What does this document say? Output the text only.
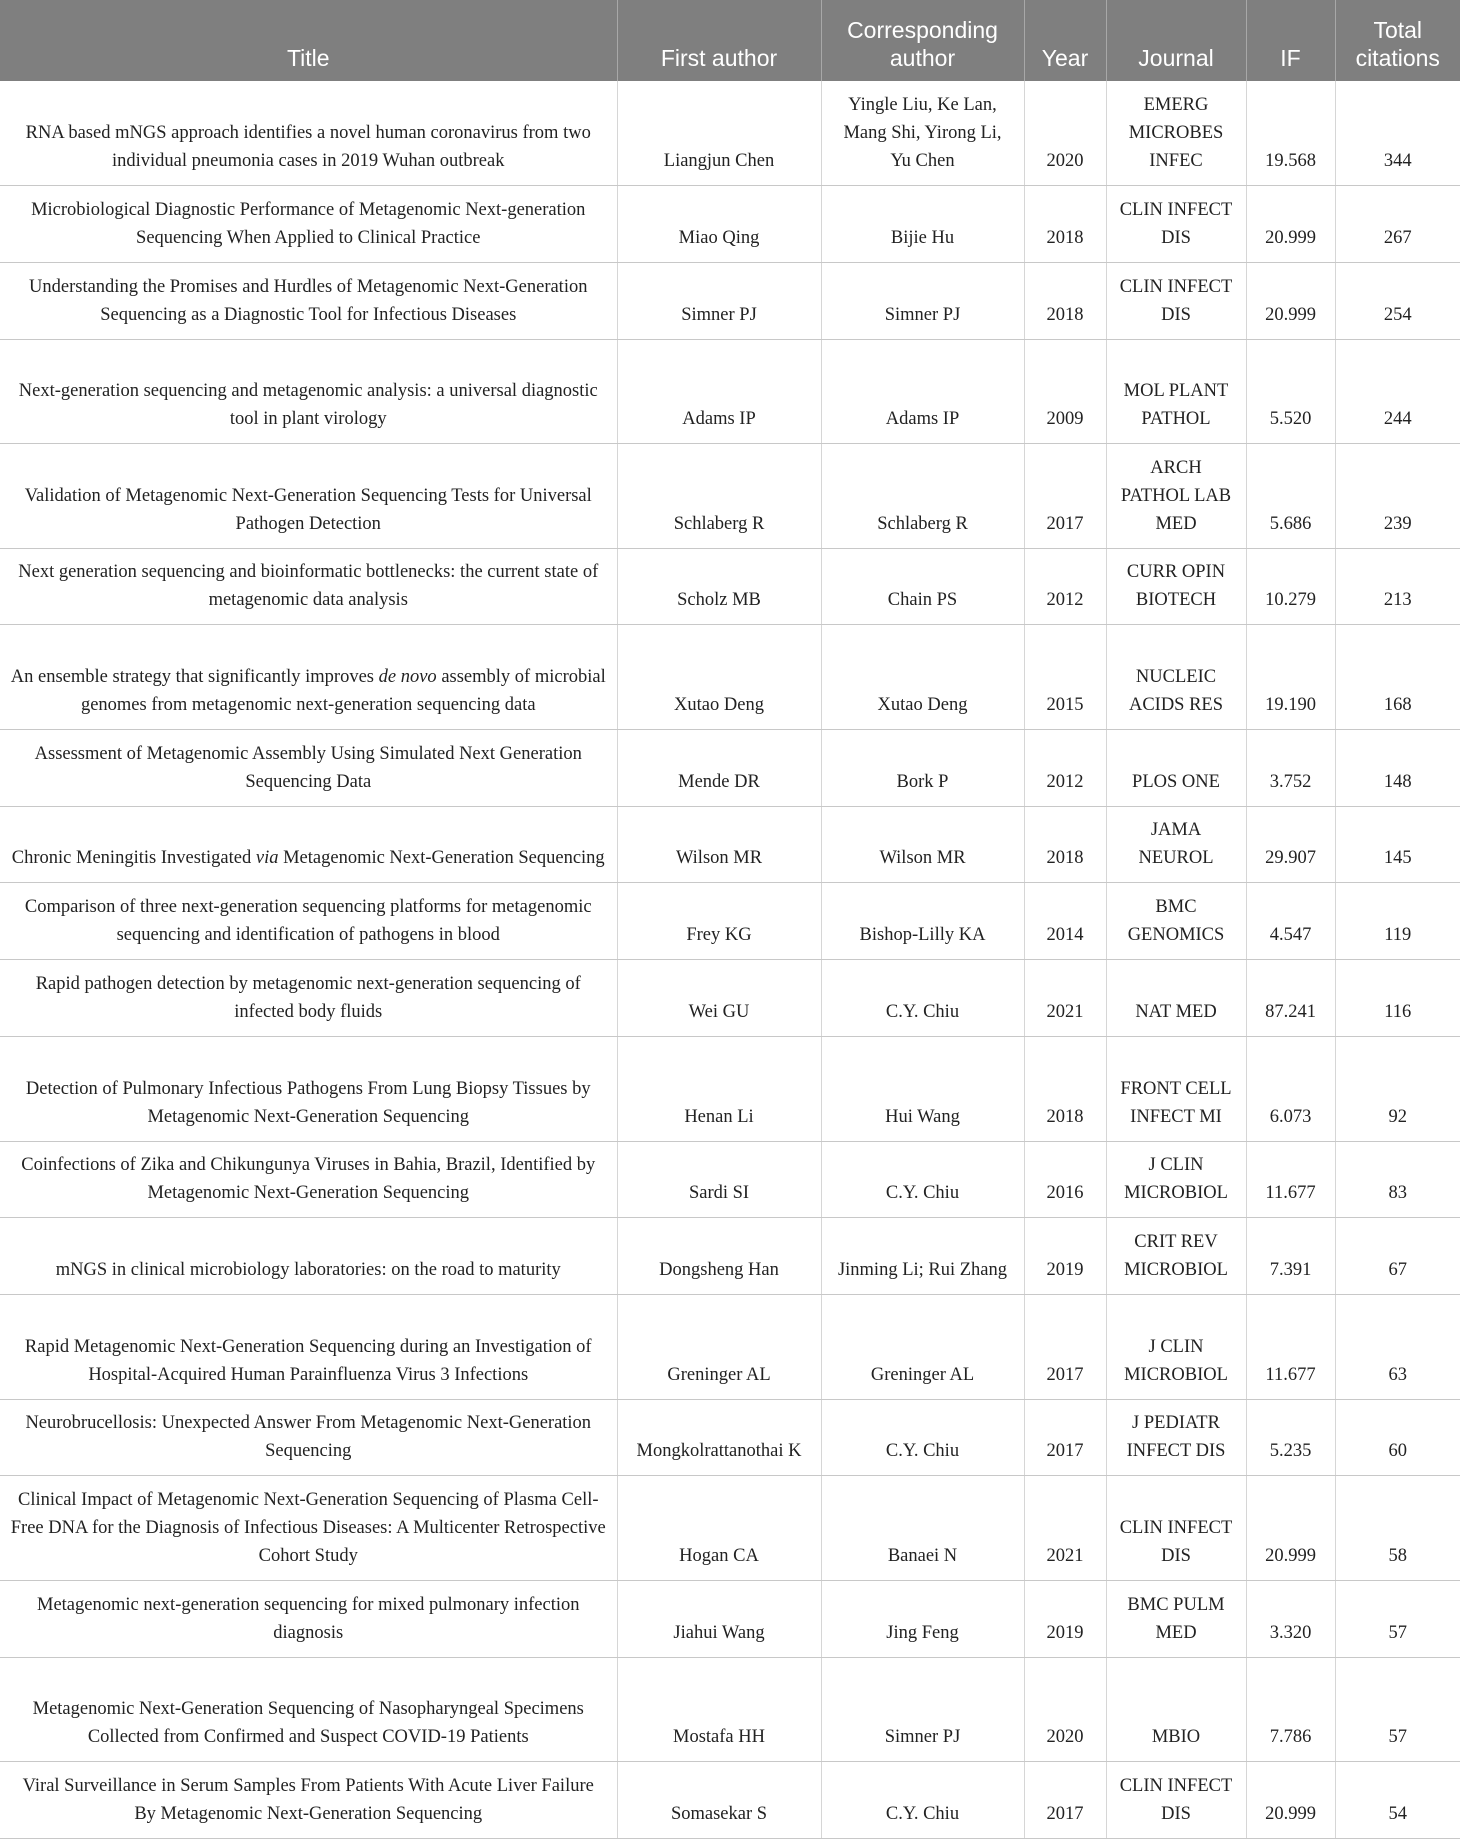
Title	First author	Corresponding author	Year	Journal	IF	Total citations
RNA based mNGS approach identifies a novel human coronavirus from two individual pneumonia cases in 2019 Wuhan outbreak	Liangjun Chen	Yingle Liu, Ke Lan, Mang Shi, Yirong Li, Yu Chen	2020	EMERG MICROBES INFEC	19.568	344
Microbiological Diagnostic Performance of Metagenomic Next-generation Sequencing When Applied to Clinical Practice	Miao Qing	Bijie Hu	2018	CLIN INFECT DIS	20.999	267
Understanding the Promises and Hurdles of Metagenomic Next-Generation Sequencing as a Diagnostic Tool for Infectious Diseases	Simner PJ	Simner PJ	2018	CLIN INFECT DIS	20.999	254
Next-generation sequencing and metagenomic analysis: a universal diagnostic tool in plant virology	Adams IP	Adams IP	2009	MOL PLANT PATHOL	5.520	244
Validation of Metagenomic Next-Generation Sequencing Tests for Universal Pathogen Detection	Schlaberg R	Schlaberg R	2017	ARCH PATHOL LAB MED	5.686	239
Next generation sequencing and bioinformatic bottlenecks: the current state of metagenomic data analysis	Scholz MB	Chain PS	2012	CURR OPIN BIOTECH	10.279	213
An ensemble strategy that significantly improves de novo assembly of microbial genomes from metagenomic next-generation sequencing data	Xutao Deng	Xutao Deng	2015	NUCLEIC ACIDS RES	19.190	168
Assessment of Metagenomic Assembly Using Simulated Next Generation Sequencing Data	Mende DR	Bork P	2012	PLOS ONE	3.752	148
Chronic Meningitis Investigated via Metagenomic Next-Generation Sequencing	Wilson MR	Wilson MR	2018	JAMA NEUROL	29.907	145
Comparison of three next-generation sequencing platforms for metagenomic sequencing and identification of pathogens in blood	Frey KG	Bishop-Lilly KA	2014	BMC GENOMICS	4.547	119
Rapid pathogen detection by metagenomic next-generation sequencing of infected body fluids	Wei GU	C.Y. Chiu	2021	NAT MED	87.241	116
Detection of Pulmonary Infectious Pathogens From Lung Biopsy Tissues by Metagenomic Next-Generation Sequencing	Henan Li	Hui Wang	2018	FRONT CELL INFECT MI	6.073	92
Coinfections of Zika and Chikungunya Viruses in Bahia, Brazil, Identified by Metagenomic Next-Generation Sequencing	Sardi SI	C.Y. Chiu	2016	J CLIN MICROBIOL	11.677	83
mNGS in clinical microbiology laboratories: on the road to maturity	Dongsheng Han	Jinming Li; Rui Zhang	2019	CRIT REV MICROBIOL	7.391	67
Rapid Metagenomic Next-Generation Sequencing during an Investigation of Hospital-Acquired Human Parainfluenza Virus 3 Infections	Greninger AL	Greninger AL	2017	J CLIN MICROBIOL	11.677	63
Neurobrucellosis: Unexpected Answer From Metagenomic Next-Generation Sequencing	Mongkolrattanothai K	C.Y. Chiu	2017	J PEDIATR INFECT DIS	5.235	60
Clinical Impact of Metagenomic Next-Generation Sequencing of Plasma Cell-Free DNA for the Diagnosis of Infectious Diseases: A Multicenter Retrospective Cohort Study	Hogan CA	Banaei N	2021	CLIN INFECT DIS	20.999	58
Metagenomic next-generation sequencing for mixed pulmonary infection diagnosis	Jiahui Wang	Jing Feng	2019	BMC PULM MED	3.320	57
Metagenomic Next-Generation Sequencing of Nasopharyngeal Specimens Collected from Confirmed and Suspect COVID-19 Patients	Mostafa HH	Simner PJ	2020	MBIO	7.786	57
Viral Surveillance in Serum Samples From Patients With Acute Liver Failure By Metagenomic Next-Generation Sequencing	Somasekar S	C.Y. Chiu	2017	CLIN INFECT DIS	20.999	54
